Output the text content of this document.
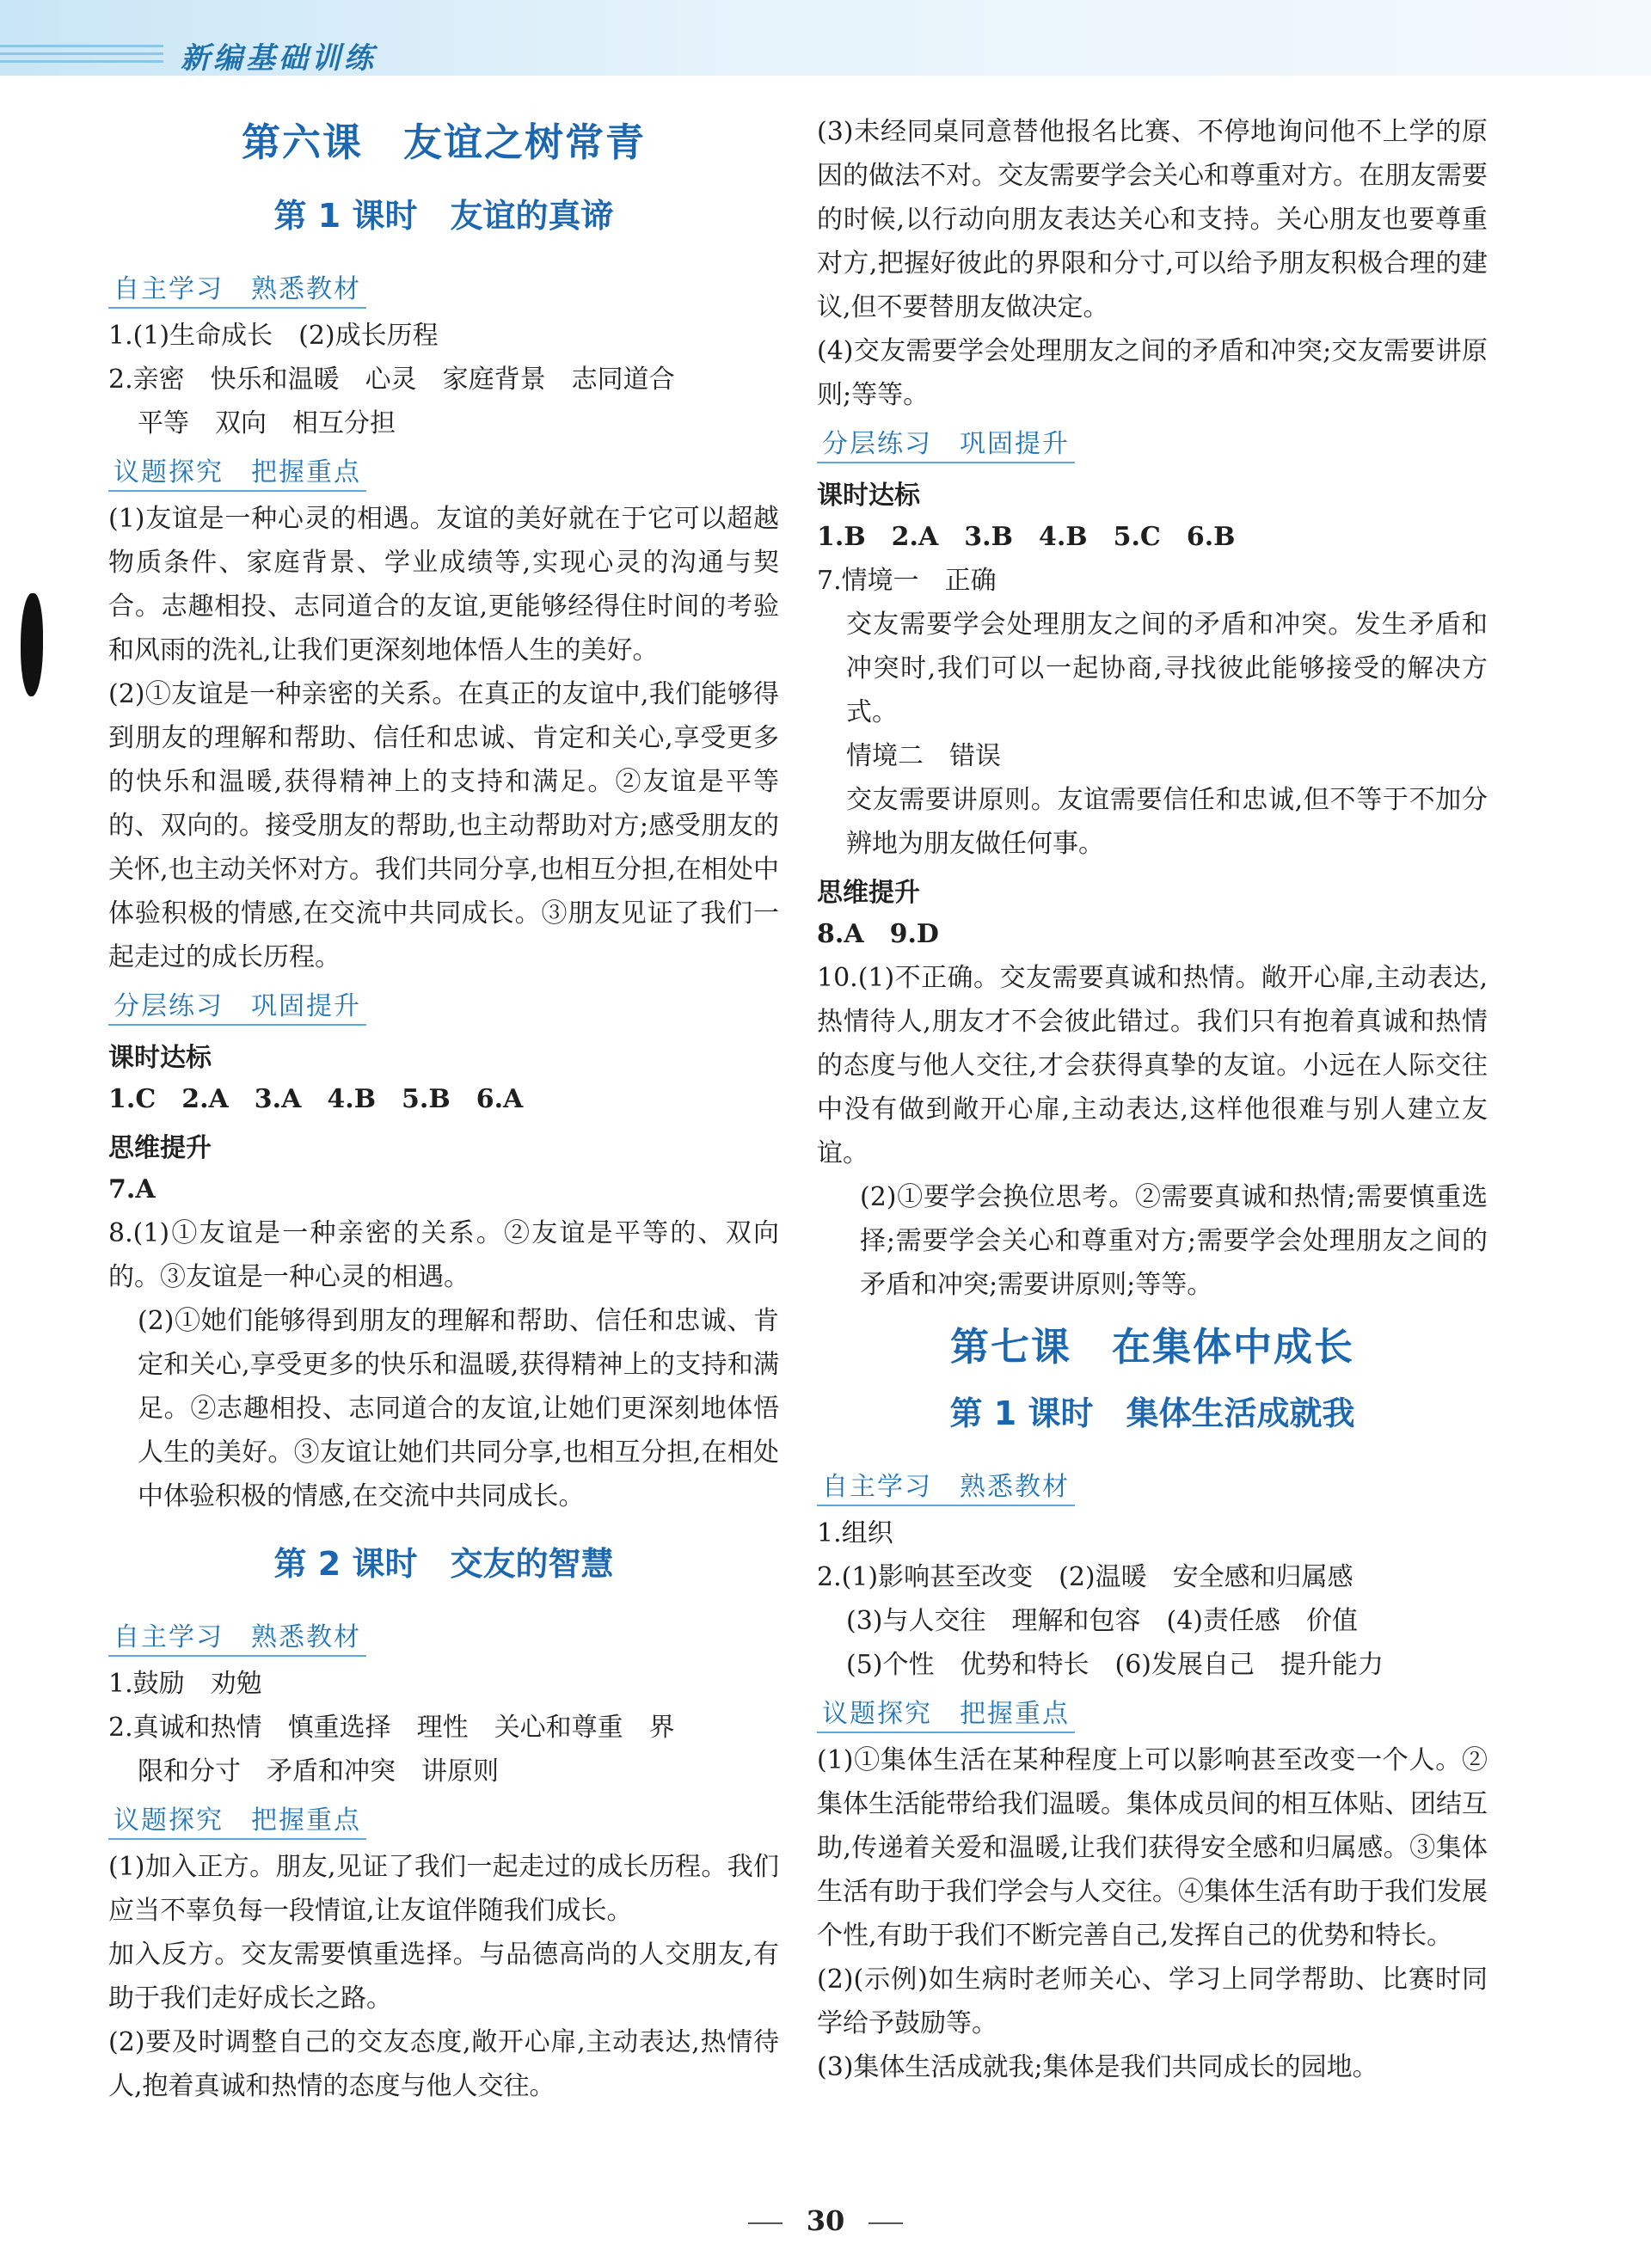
新编基础训练
第六课　友谊之树常青
第 1 课时　友谊的真谛
自主学习　熟悉教材
1.(1)生命成长　(2)成长历程
2.亲密　快乐和温暖　心灵　家庭背景　志同道合
平等　双向　相互分担
议题探究　把握重点
(1)友谊是一种心灵的相遇。友谊的美好就在于它可以超越物质条件、家庭背景、学业成绩等,实现心灵的沟通与契合。志趣相投、志同道合的友谊,更能够经得住时间的考验和风雨的洗礼,让我们更深刻地体悟人生的美好。
(2)①友谊是一种亲密的关系。在真正的友谊中,我们能够得到朋友的理解和帮助、信任和忠诚、肯定和关心,享受更多的快乐和温暖,获得精神上的支持和满足。②友谊是平等的、双向的。接受朋友的帮助,也主动帮助对方;感受朋友的关怀,也主动关怀对方。我们共同分享,也相互分担,在相处中体验积极的情感,在交流中共同成长。③朋友见证了我们一起走过的成长历程。
分层练习　巩固提升
课时达标
1.C　2.A　3.A　4.B　5.B　6.A
思维提升
7.A
8.(1)①友谊是一种亲密的关系。②友谊是平等的、双向的。③友谊是一种心灵的相遇。
(2)①她们能够得到朋友的理解和帮助、信任和忠诚、肯定和关心,享受更多的快乐和温暖,获得精神上的支持和满足。②志趣相投、志同道合的友谊,让她们更深刻地体悟人生的美好。③友谊让她们共同分享,也相互分担,在相处中体验积极的情感,在交流中共同成长。
第 2 课时　交友的智慧
自主学习　熟悉教材
1.鼓励　劝勉
2.真诚和热情　慎重选择　理性　关心和尊重　界
限和分寸　矛盾和冲突　讲原则
议题探究　把握重点
(1)加入正方。朋友,见证了我们一起走过的成长历程。我们应当不辜负每一段情谊,让友谊伴随我们成长。
加入反方。交友需要慎重选择。与品德高尚的人交朋友,有助于我们走好成长之路。
(2)要及时调整自己的交友态度,敞开心扉,主动表达,热情待人,抱着真诚和热情的态度与他人交往。
(3)未经同桌同意替他报名比赛、不停地询问他不上学的原因的做法不对。交友需要学会关心和尊重对方。在朋友需要的时候,以行动向朋友表达关心和支持。关心朋友也要尊重对方,把握好彼此的界限和分寸,可以给予朋友积极合理的建议,但不要替朋友做决定。
(4)交友需要学会处理朋友之间的矛盾和冲突;交友需要讲原则;等等。
分层练习　巩固提升
课时达标
1.B　2.A　3.B　4.B　5.C　6.B
7.情境一　正确
交友需要学会处理朋友之间的矛盾和冲突。发生矛盾和冲突时,我们可以一起协商,寻找彼此能够接受的解决方式。
情境二　错误
交友需要讲原则。友谊需要信任和忠诚,但不等于不加分辨地为朋友做任何事。
思维提升
8.A　9.D
10.(1)不正确。交友需要真诚和热情。敞开心扉,主动表达,热情待人,朋友才不会彼此错过。我们只有抱着真诚和热情的态度与他人交往,才会获得真挚的友谊。小远在人际交往中没有做到敞开心扉,主动表达,这样他很难与别人建立友谊。
(2)①要学会换位思考。②需要真诚和热情;需要慎重选择;需要学会关心和尊重对方;需要学会处理朋友之间的矛盾和冲突;需要讲原则;等等。
第七课　在集体中成长
第 1 课时　集体生活成就我
自主学习　熟悉教材
1.组织
2.(1)影响甚至改变　(2)温暖　安全感和归属感
(3)与人交往　理解和包容　(4)责任感　价值
(5)个性　优势和特长　(6)发展自己　提升能力
议题探究　把握重点
(1)①集体生活在某种程度上可以影响甚至改变一个人。②集体生活能带给我们温暖。集体成员间的相互体贴、团结互助,传递着关爱和温暖,让我们获得安全感和归属感。③集体生活有助于我们学会与人交往。④集体生活有助于我们发展个性,有助于我们不断完善自己,发挥自己的优势和特长。
(2)(示例)如生病时老师关心、学习上同学帮助、比赛时同学给予鼓励等。
(3)集体生活成就我;集体是我们共同成长的园地。
30
